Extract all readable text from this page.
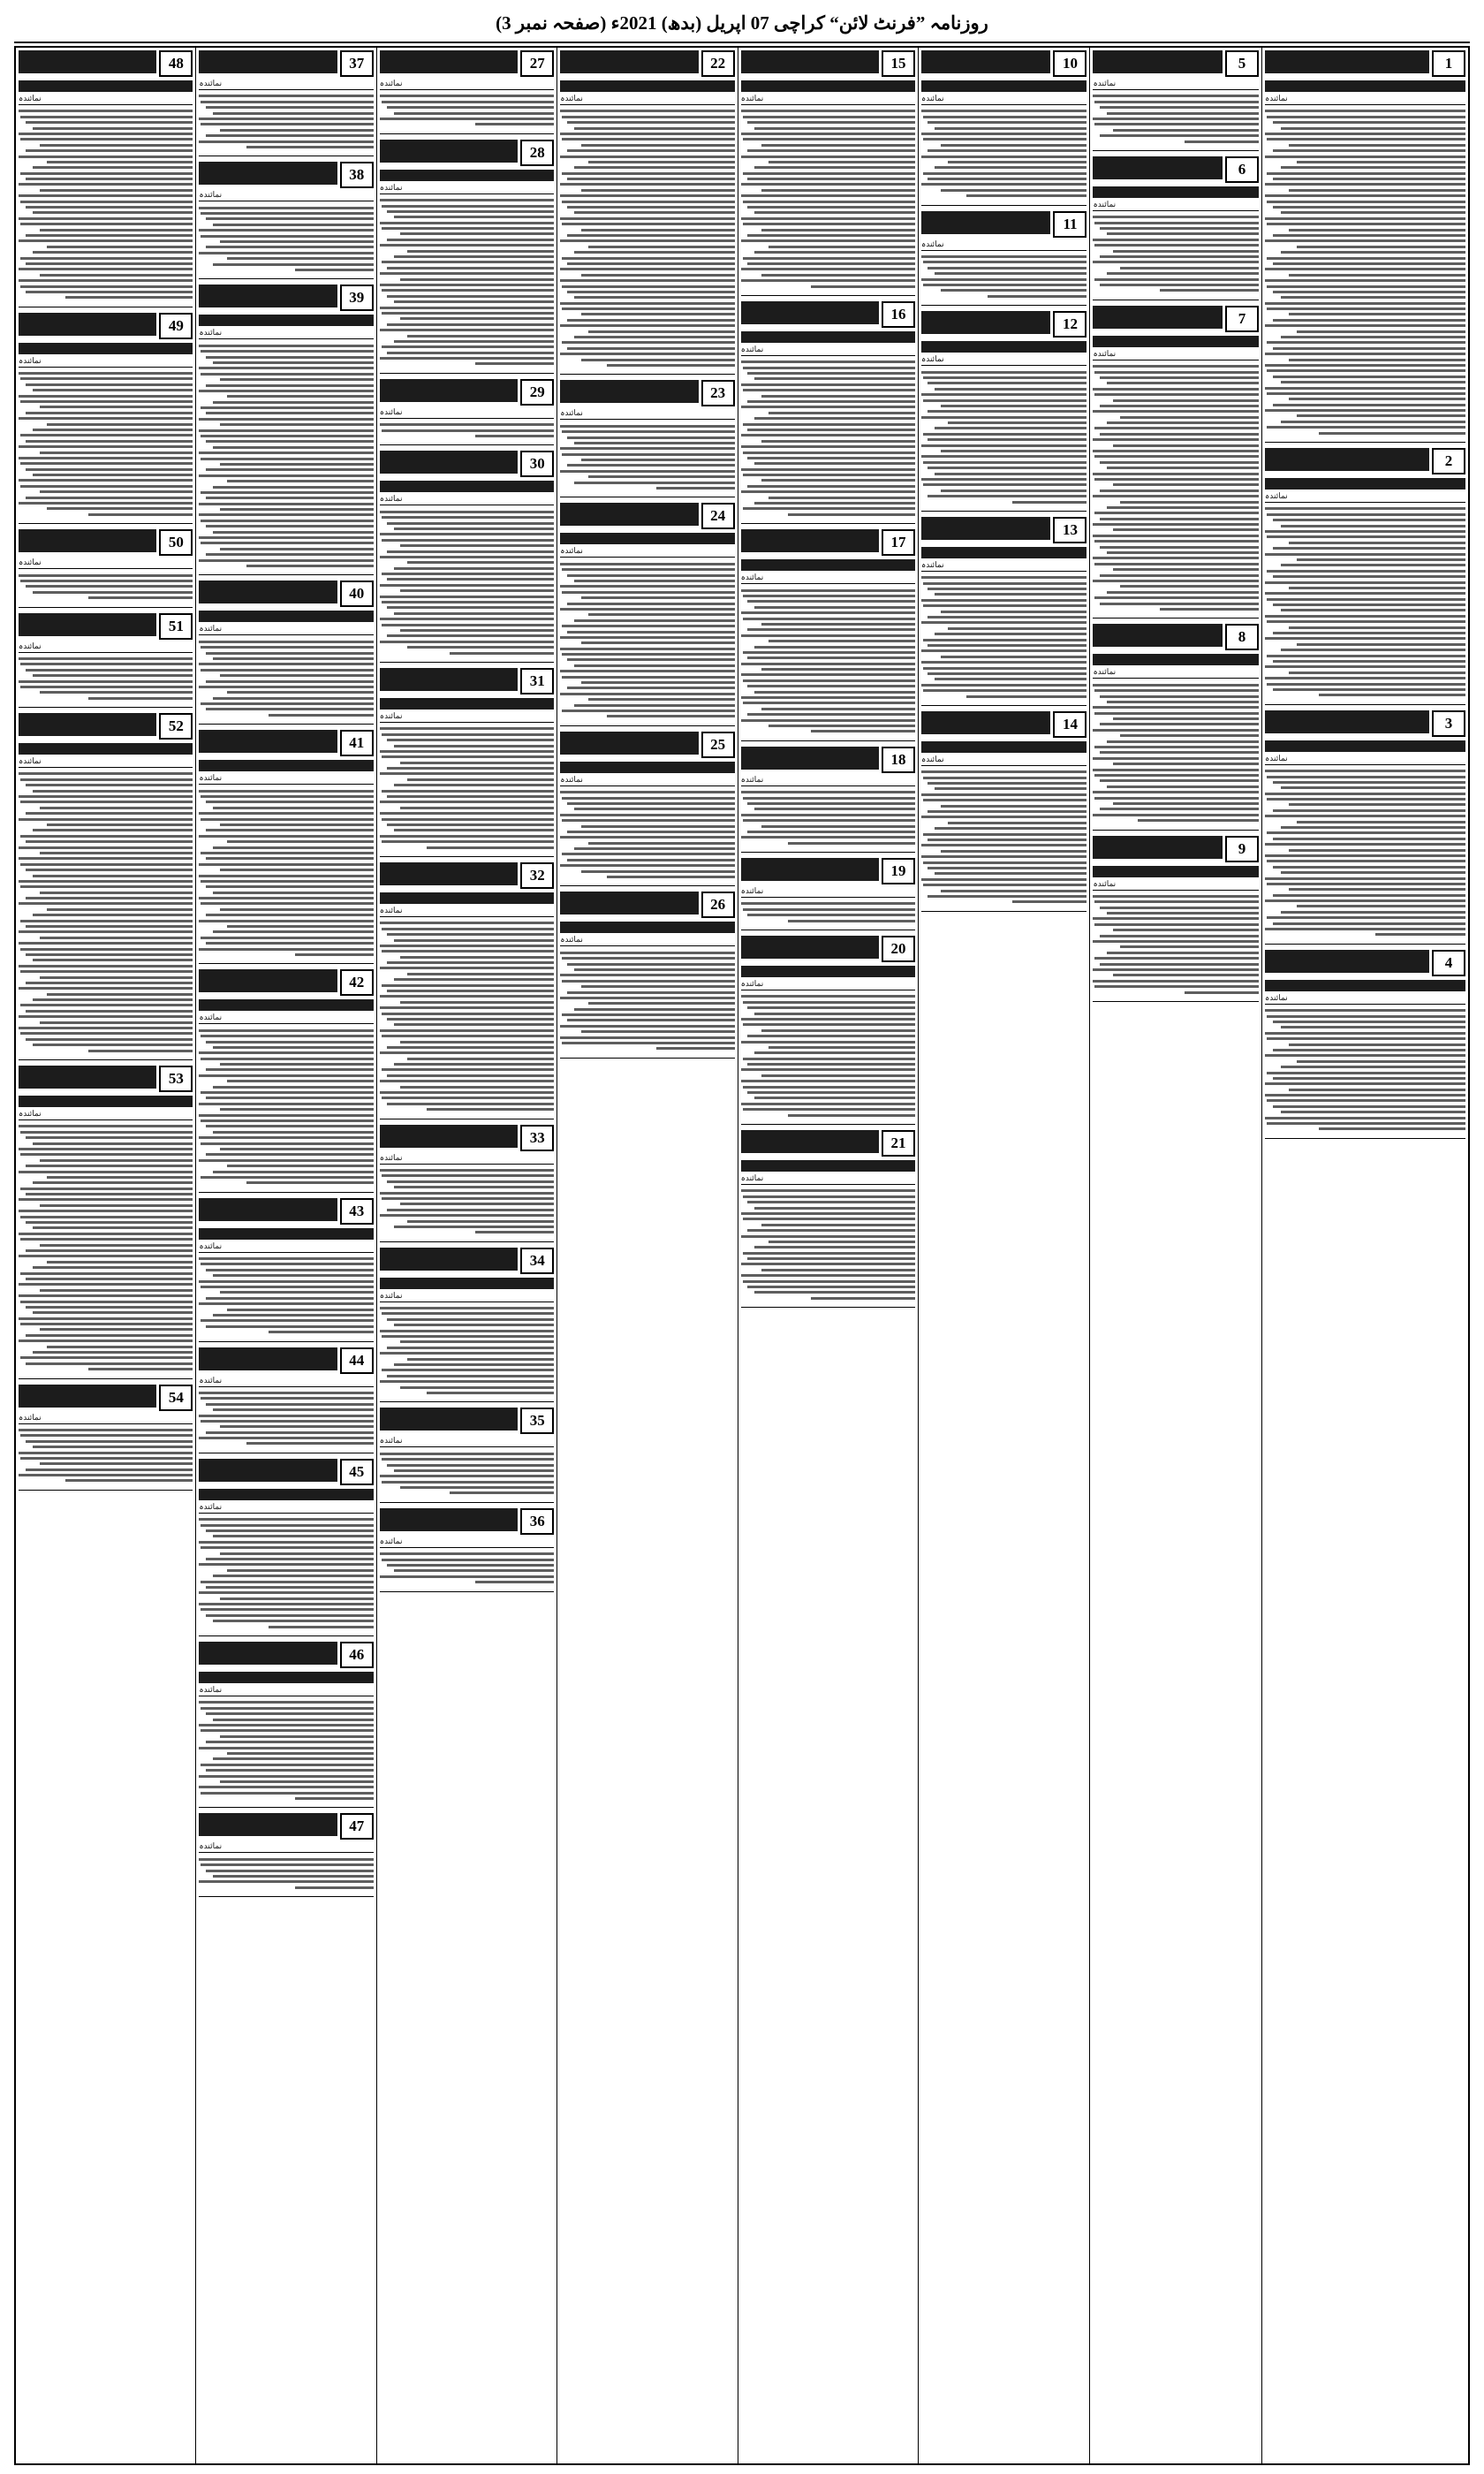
روزنامہ ”فرنٹ لائن“ کراچی 07 اپریل (بدھ) 2021ء (صفحہ نمبر 3)
1
نمائندہ
2
نمائندہ
3
نمائندہ
4
نمائندہ
5
نمائندہ
6
نمائندہ
7
نمائندہ
8
نمائندہ
9
نمائندہ
10
نمائندہ
11
نمائندہ
12
نمائندہ
13
نمائندہ
14
نمائندہ
15
نمائندہ
16
نمائندہ
17
نمائندہ
18
نمائندہ
19
نمائندہ
20
نمائندہ
21
نمائندہ
22
نمائندہ
23
نمائندہ
24
نمائندہ
25
نمائندہ
26
نمائندہ
27
نمائندہ
28
نمائندہ
29
نمائندہ
30
نمائندہ
31
نمائندہ
32
نمائندہ
33
نمائندہ
34
نمائندہ
35
نمائندہ
36
نمائندہ
37
نمائندہ
38
نمائندہ
39
نمائندہ
40
نمائندہ
41
نمائندہ
42
نمائندہ
43
نمائندہ
44
نمائندہ
45
نمائندہ
46
نمائندہ
47
نمائندہ
48
نمائندہ
49
نمائندہ
50
نمائندہ
51
نمائندہ
52
نمائندہ
53
نمائندہ
54
نمائندہ
